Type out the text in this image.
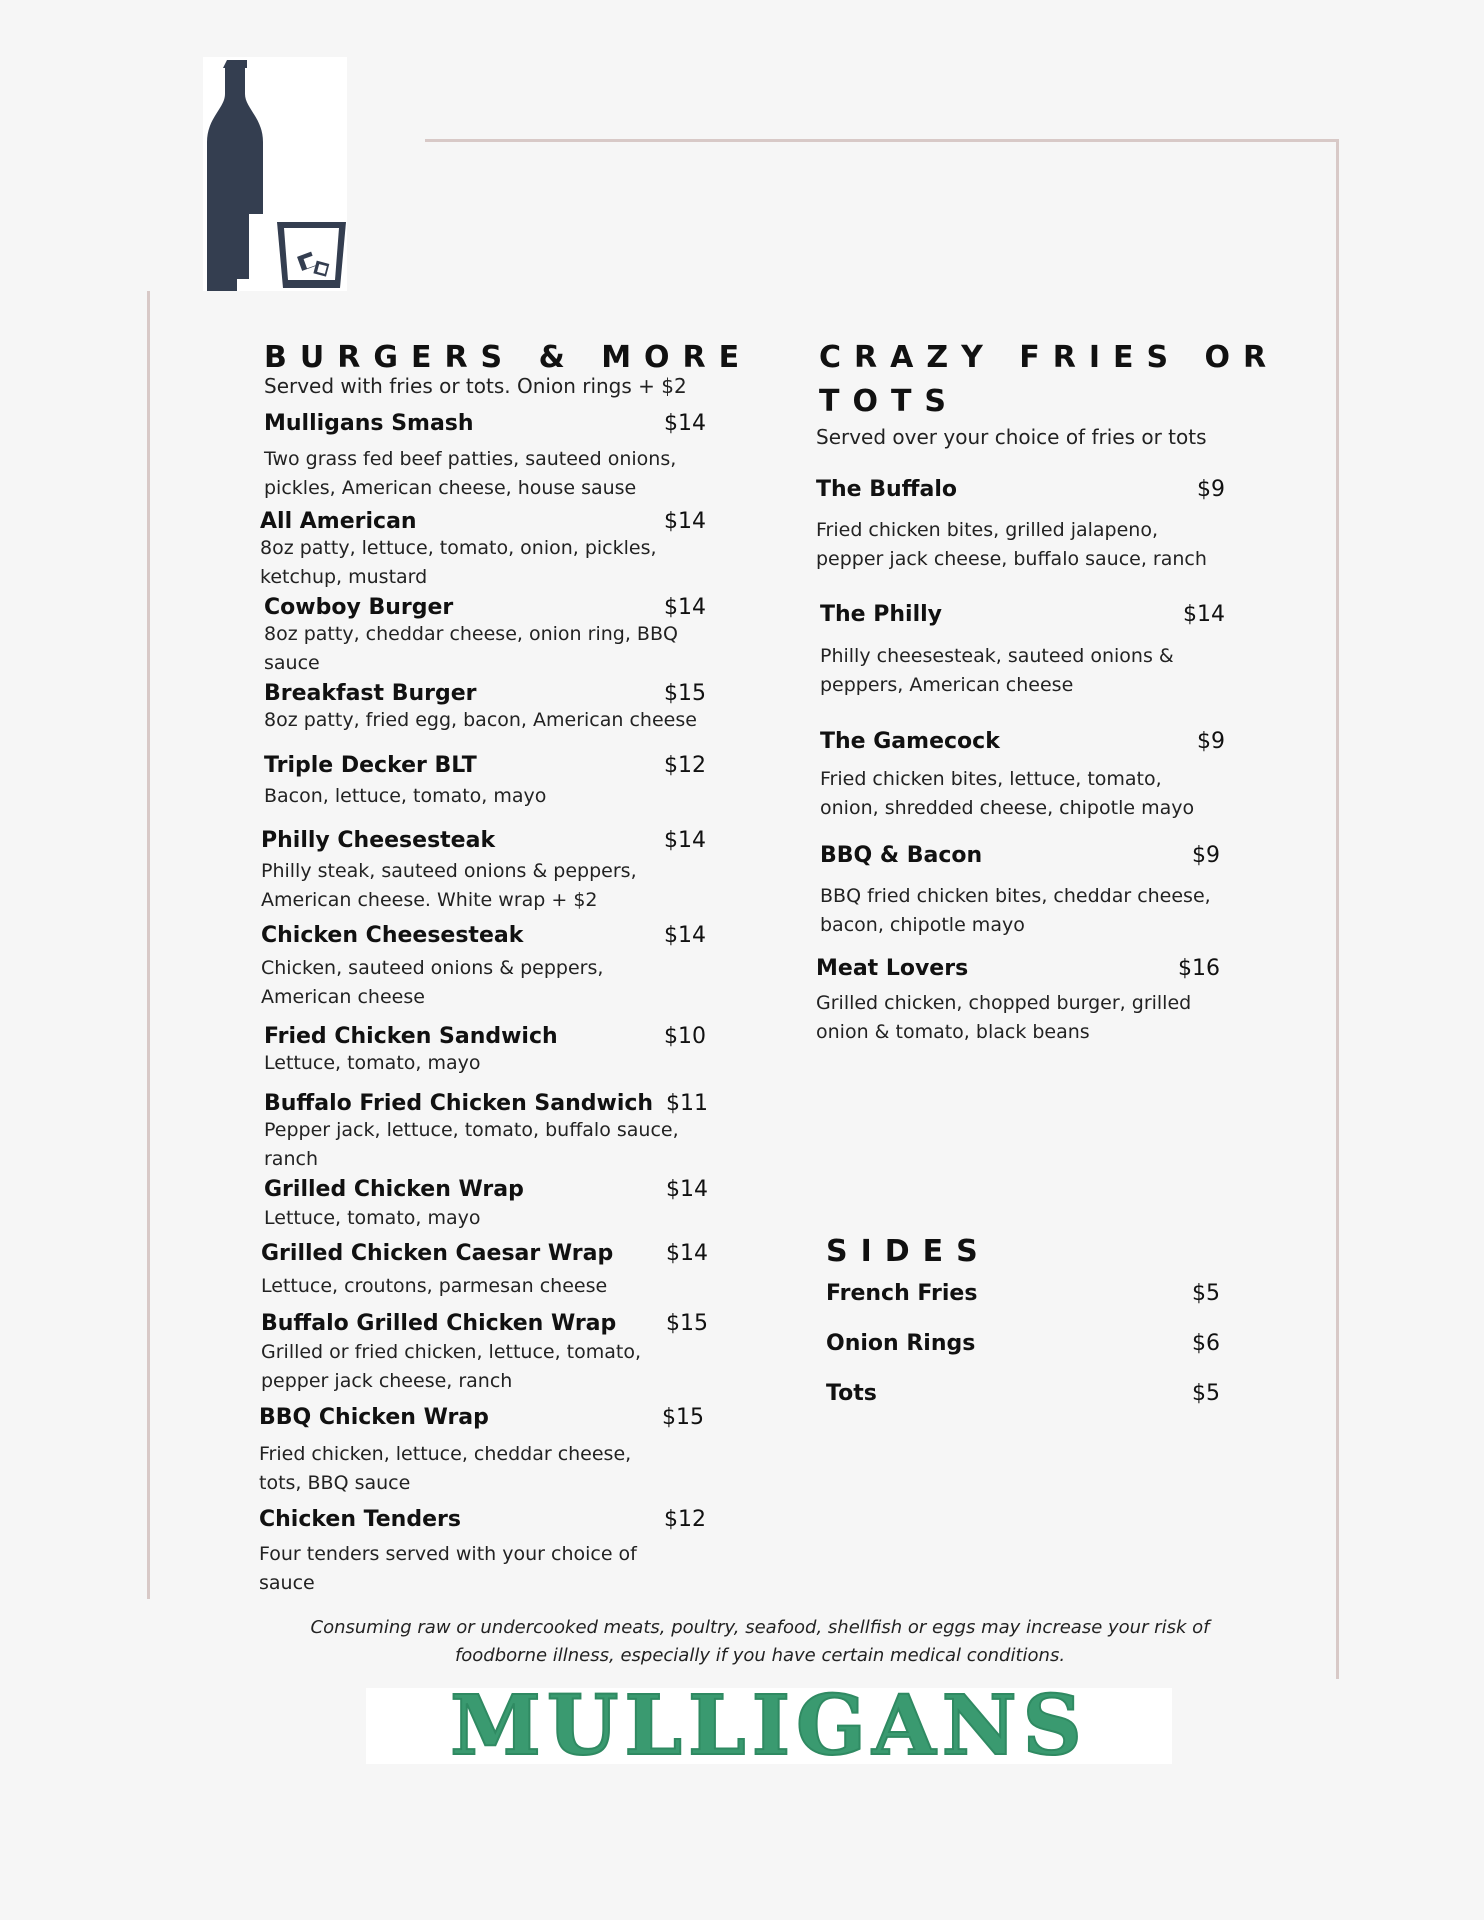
BURGERS & MORE

Served with fries or tots. Onion rings + $2

Mulligans Smash	$14

Two grass fed beef patties, sauteed onions, pickles, American cheese, house sause

All American	$14

8oz patty, lettuce, tomato, onion, pickles, ketchup, mustard

Cowboy Burger	$14

8oz patty, cheddar cheese, onion ring, BBQ sauce

Breakfast Burger	$15

8oz patty, fried egg, bacon, American cheese

Triple Decker BLT	$12

Bacon, lettuce, tomato, mayo

Philly Cheesesteak	$14

Philly steak, sauteed onions & peppers, American cheese. White wrap + $2

Chicken Cheesesteak	$14

Chicken, sauteed onions & peppers, American cheese

Fried Chicken Sandwich	$10

Lettuce, tomato, mayo

Buffalo Fried Chicken Sandwich $11

Pepper jack, lettuce, tomato, buffalo sauce, ranch

Grilled Chicken Wrap	$14

Lettuce, tomato, mayo

Grilled Chicken Caesar Wrap $14

Lettuce, croutons, parmesan cheese

Buffalo Grilled Chicken Wrap $15

Grilled or fried chicken, lettuce, tomato, pepper jack cheese, ranch

BBQ Chicken Wrap	$15

Fried chicken, lettuce, cheddar cheese, tots, BBQ sauce

Chicken Tenders	$12

Four tenders served with your choice of sauce

CRAZY FRIES OR
TOTS

Served over your choice of fries or tots

The Buffalo	$9

Fried chicken bites, grilled jalapeno, pepper jack cheese, buffalo sauce, ranch

The Philly	$14

Philly cheesesteak, sauteed onions & peppers, American cheese

The Gamecock	$9

Fried chicken bites, lettuce, tomato, onion, shredded cheese, chipotle mayo

BBQ & Bacon	$9

BBQ fried chicken bites, cheddar cheese, bacon, chipotle mayo

Meat Lovers	$16

Grilled chicken, chopped burger, grilled onion & tomato, black beans

SIDES
French Fries	$5
Onion Rings	$6
Tots	$5

Consuming raw or undercooked meats, poultry, seafood, shellfish or eggs may increase your risk of foodborne illness, especially if you have certain medical conditions.

MULLIGANS
